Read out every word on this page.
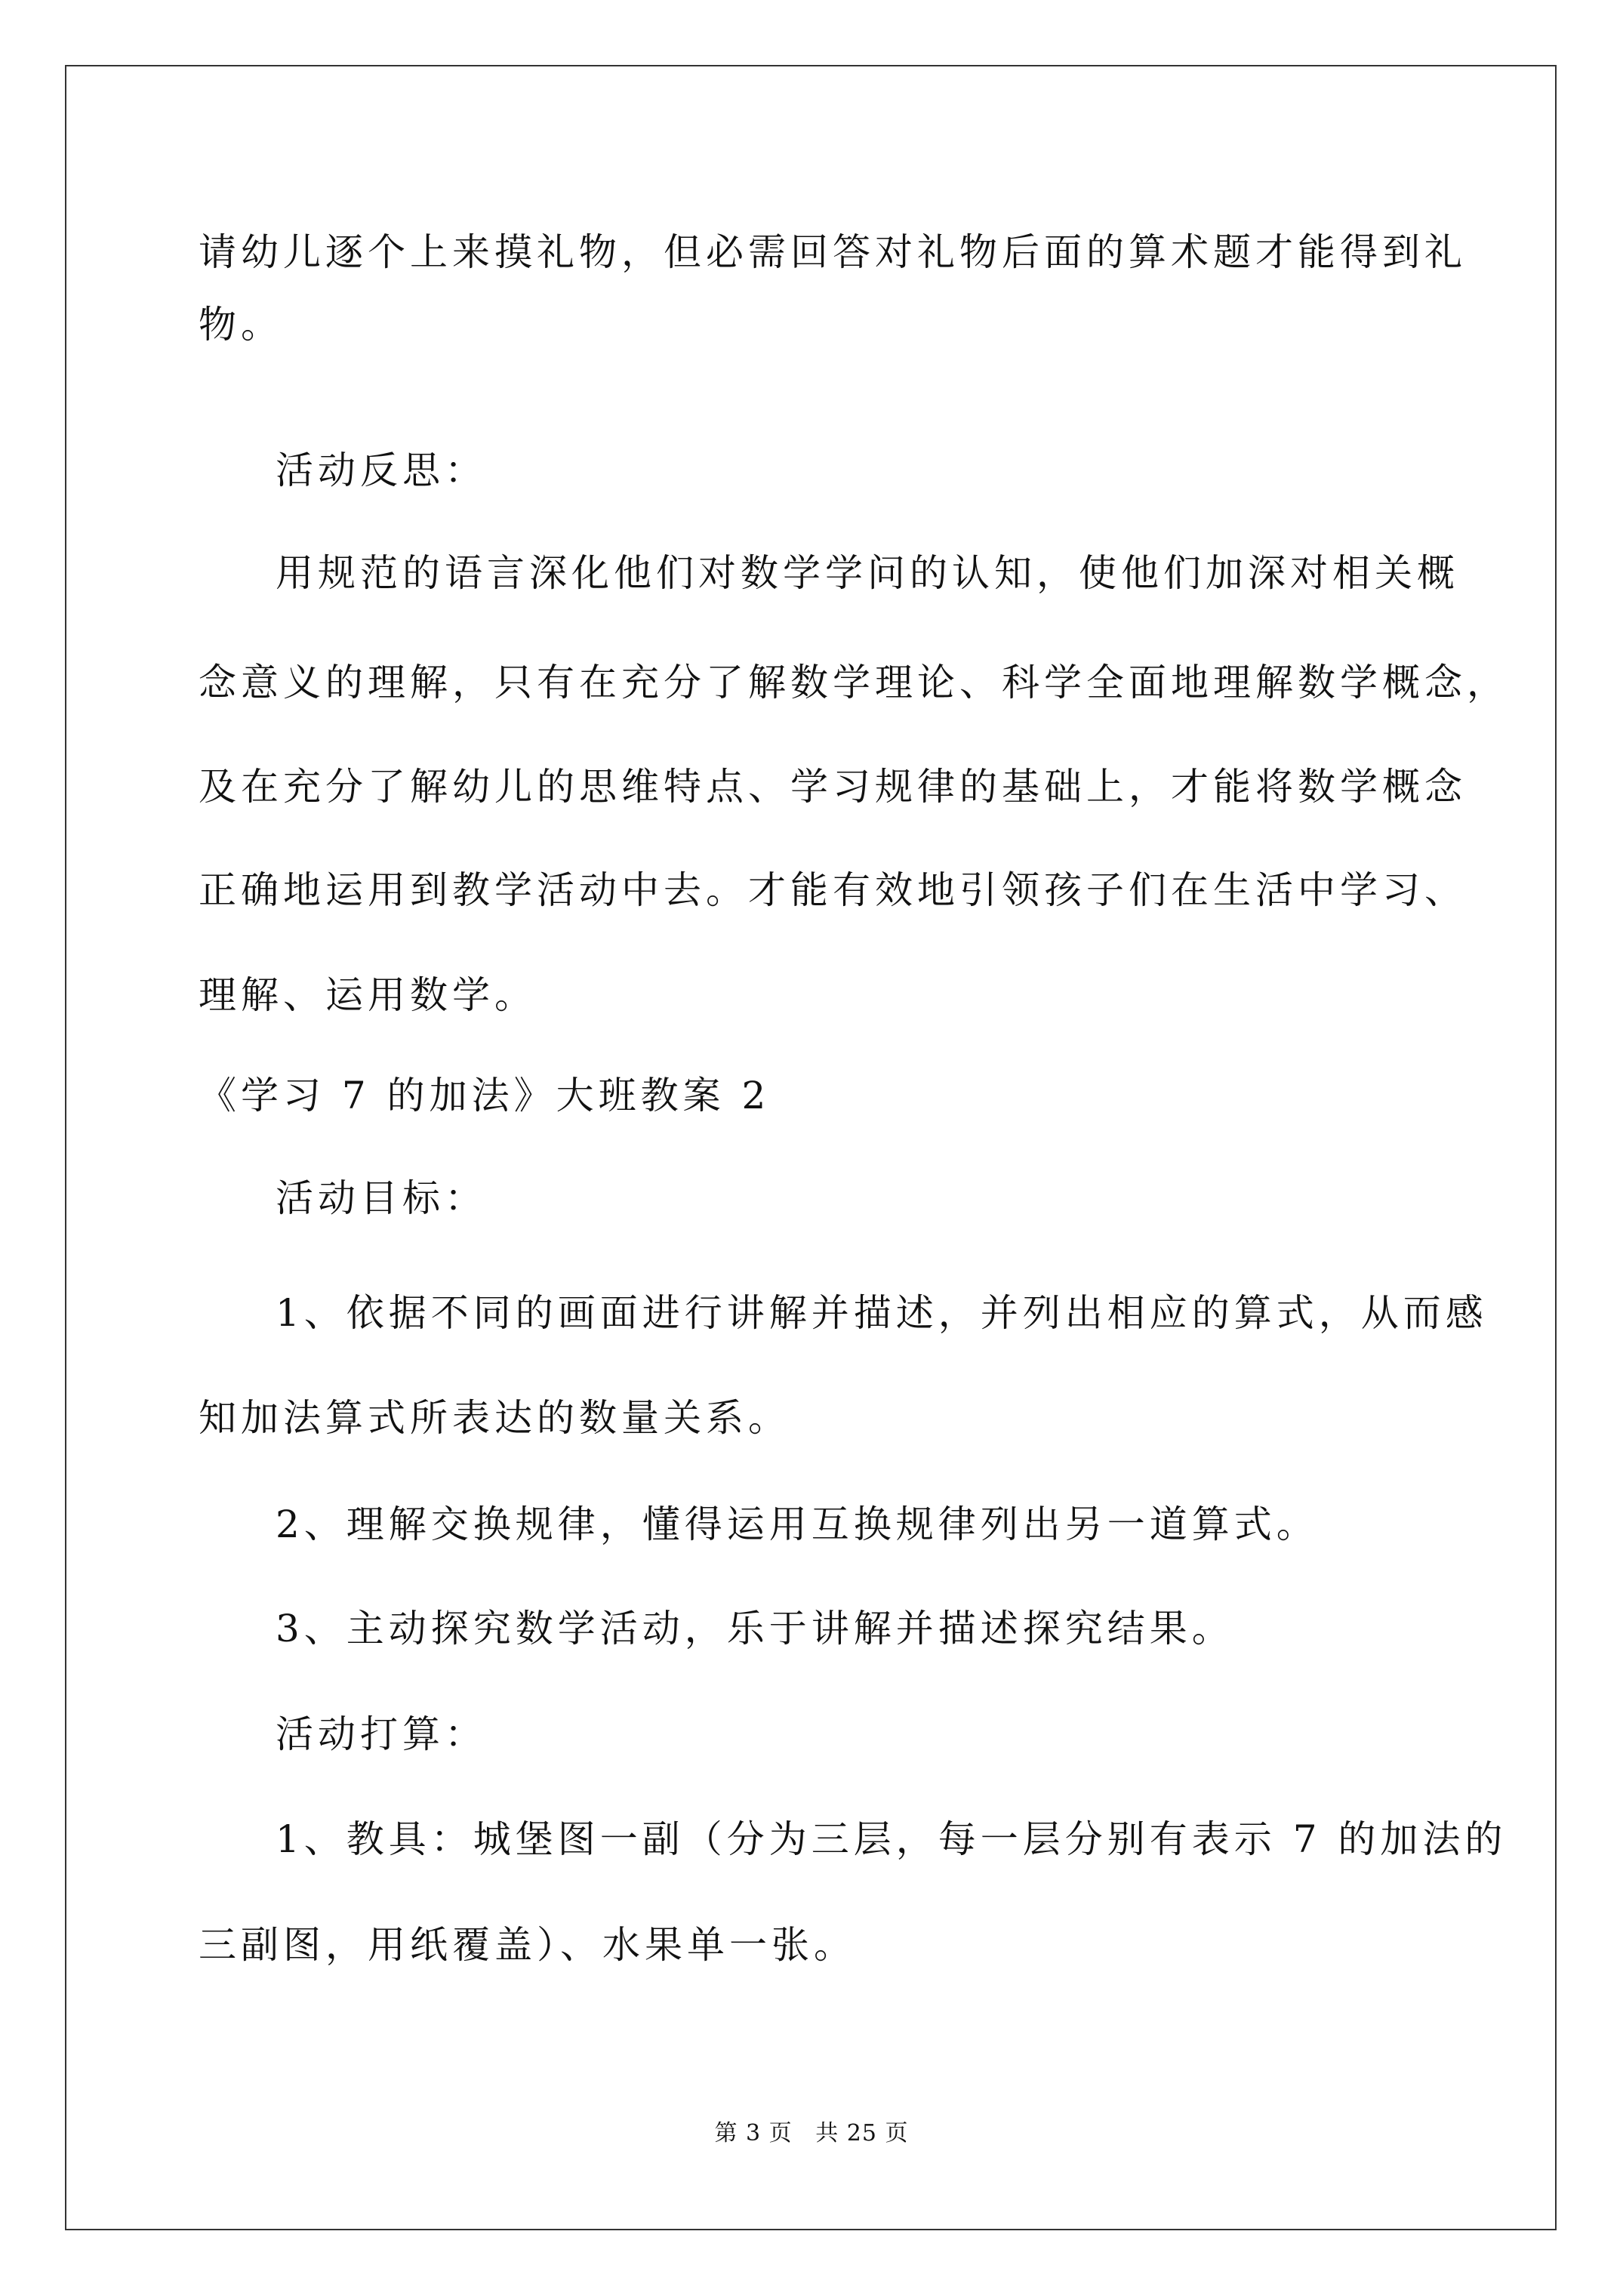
请幼儿逐个上来摸礼物，但必需回答对礼物后面的算术题才能得到礼
物。
活动反思：
用规范的语言深化他们对数学学问的认知，使他们加深对相关概
念意义的理解，只有在充分了解数学理论、科学全面地理解数学概念，
及在充分了解幼儿的思维特点、学习规律的基础上，才能将数学概念
正确地运用到教学活动中去。才能有效地引领孩子们在生活中学习、
理解、运用数学。
《学习 7 的加法》大班教案 2
活动目标：
1、依据不同的画面进行讲解并描述，并列出相应的算式，从而感
知加法算式所表达的数量关系。
2、理解交换规律，懂得运用互换规律列出另一道算式。
3、主动探究数学活动，乐于讲解并描述探究结果。
活动打算：
1、教具：城堡图一副（分为三层，每一层分别有表示 7 的加法的
三副图，用纸覆盖）、水果单一张。
第 3 页 共 25 页
